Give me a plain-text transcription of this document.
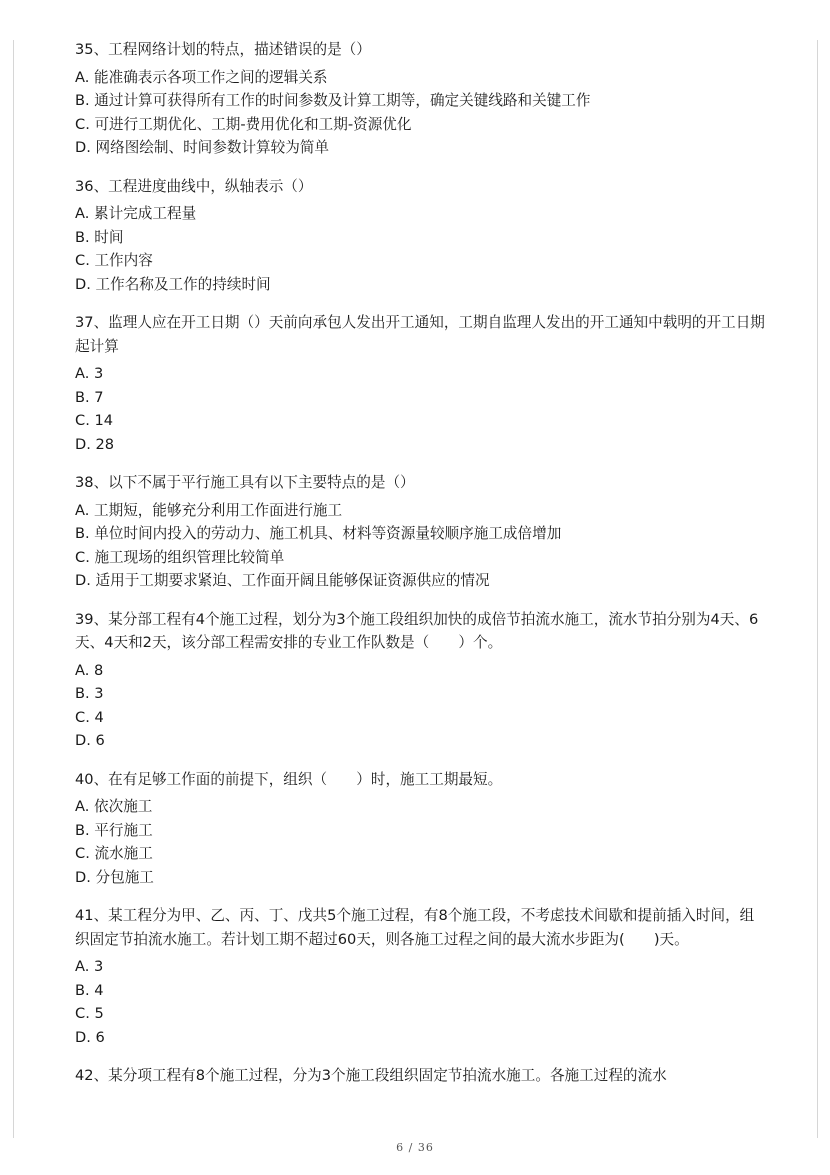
35、工程网络计划的特点，描述错误的是（）

A. 能准确表示各项工作之间的逻辑关系
B. 通过计算可获得所有工作的时间参数及计算工期等，确定关键线路和关键工作
C. 可进行工期优化、工期-费用优化和工期-资源优化
D. 网络图绘制、时间参数计算较为简单

36、工程进度曲线中，纵轴表示（）

A. 累计完成工程量
B. 时间
C. 工作内容
D. 工作名称及工作的持续时间

37、监理人应在开工日期（）天前向承包人发出开工通知，工期自监理人发出的开工通知中载明的开工日期起计算

A. 3
B. 7
C. 14
D. 28

38、以下不属于平行施工具有以下主要特点的是（）

A. 工期短，能够充分利用工作面进行施工
B. 单位时间内投入的劳动力、施工机具、材料等资源量较顺序施工成倍增加
C. 施工现场的组织管理比较简单
D. 适用于工期要求紧迫、工作面开阔且能够保证资源供应的情况

39、某分部工程有4个施工过程，划分为3个施工段组织加快的成倍节拍流水施工，流水节拍分别为4天、6天、4天和2天，该分部工程需安排的专业工作队数是（　　）个。

A. 8
B. 3
C. 4
D. 6

40、在有足够工作面的前提下，组织（　　）时，施工工期最短。

A. 依次施工
B. 平行施工
C. 流水施工
D. 分包施工

41、某工程分为甲、乙、丙、丁、戊共5个施工过程，有8个施工段，不考虑技术间歇和提前插入时间，组织固定节拍流水施工。若计划工期不超过60天，则各施工过程之间的最大流水步距为(　　)天。

A. 3
B. 4
C. 5
D. 6

42、某分项工程有8个施工过程，分为3个施工段组织固定节拍流水施工。各施工过程的流水

6 / 36
